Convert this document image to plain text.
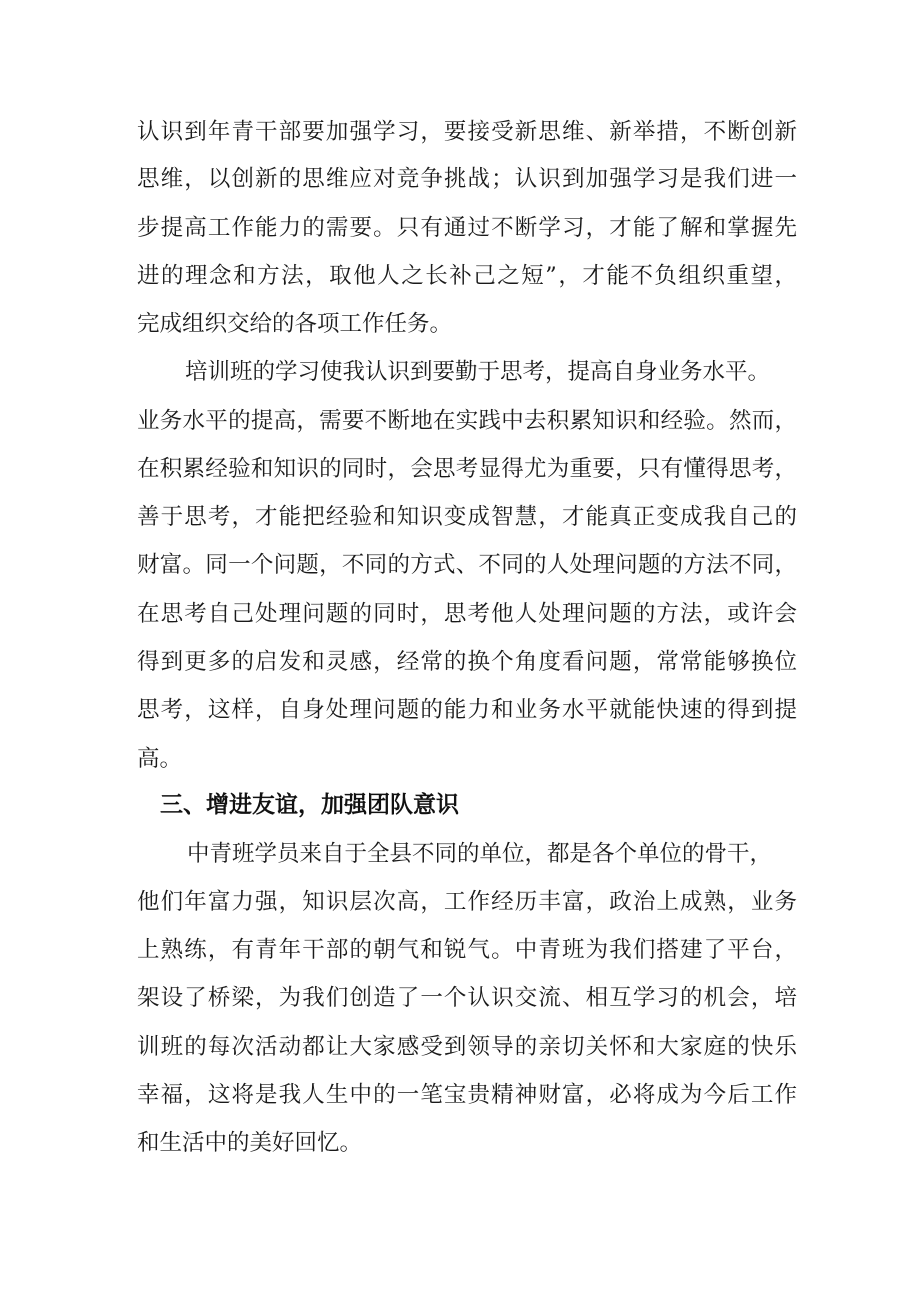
认识到年青干部要加强学习，要接受新思维、新举措，不断创新

思维，以创新的思维应对竞争挑战；认识到加强学习是我们进一

步提高工作能力的需要。只有通过不断学习，才能了解和掌握先

进的理念和方法，取他人之长补己之短”，才能不负组织重望，

完成组织交给的各项工作任务。

培训班的学习使我认识到要勤于思考，提高自身业务水平。

业务水平的提高，需要不断地在实践中去积累知识和经验。然而，

在积累经验和知识的同时，会思考显得尤为重要，只有懂得思考，

善于思考，才能把经验和知识变成智慧，才能真正变成我自己的

财富。同一个问题，不同的方式、不同的人处理问题的方法不同，

在思考自己处理问题的同时，思考他人处理问题的方法，或许会

得到更多的启发和灵感，经常的换个角度看问题，常常能够换位

思考，这样，自身处理问题的能力和业务水平就能快速的得到提

高。

三、增进友谊，加强团队意识

中青班学员来自于全县不同的单位，都是各个单位的骨干，

他们年富力强，知识层次高，工作经历丰富，政治上成熟，业务

上熟练，有青年干部的朝气和锐气。中青班为我们搭建了平台，

架设了桥梁，为我们创造了一个认识交流、相互学习的机会，培

训班的每次活动都让大家感受到领导的亲切关怀和大家庭的快乐

幸福，这将是我人生中的一笔宝贵精神财富，必将成为今后工作

和生活中的美好回忆。
